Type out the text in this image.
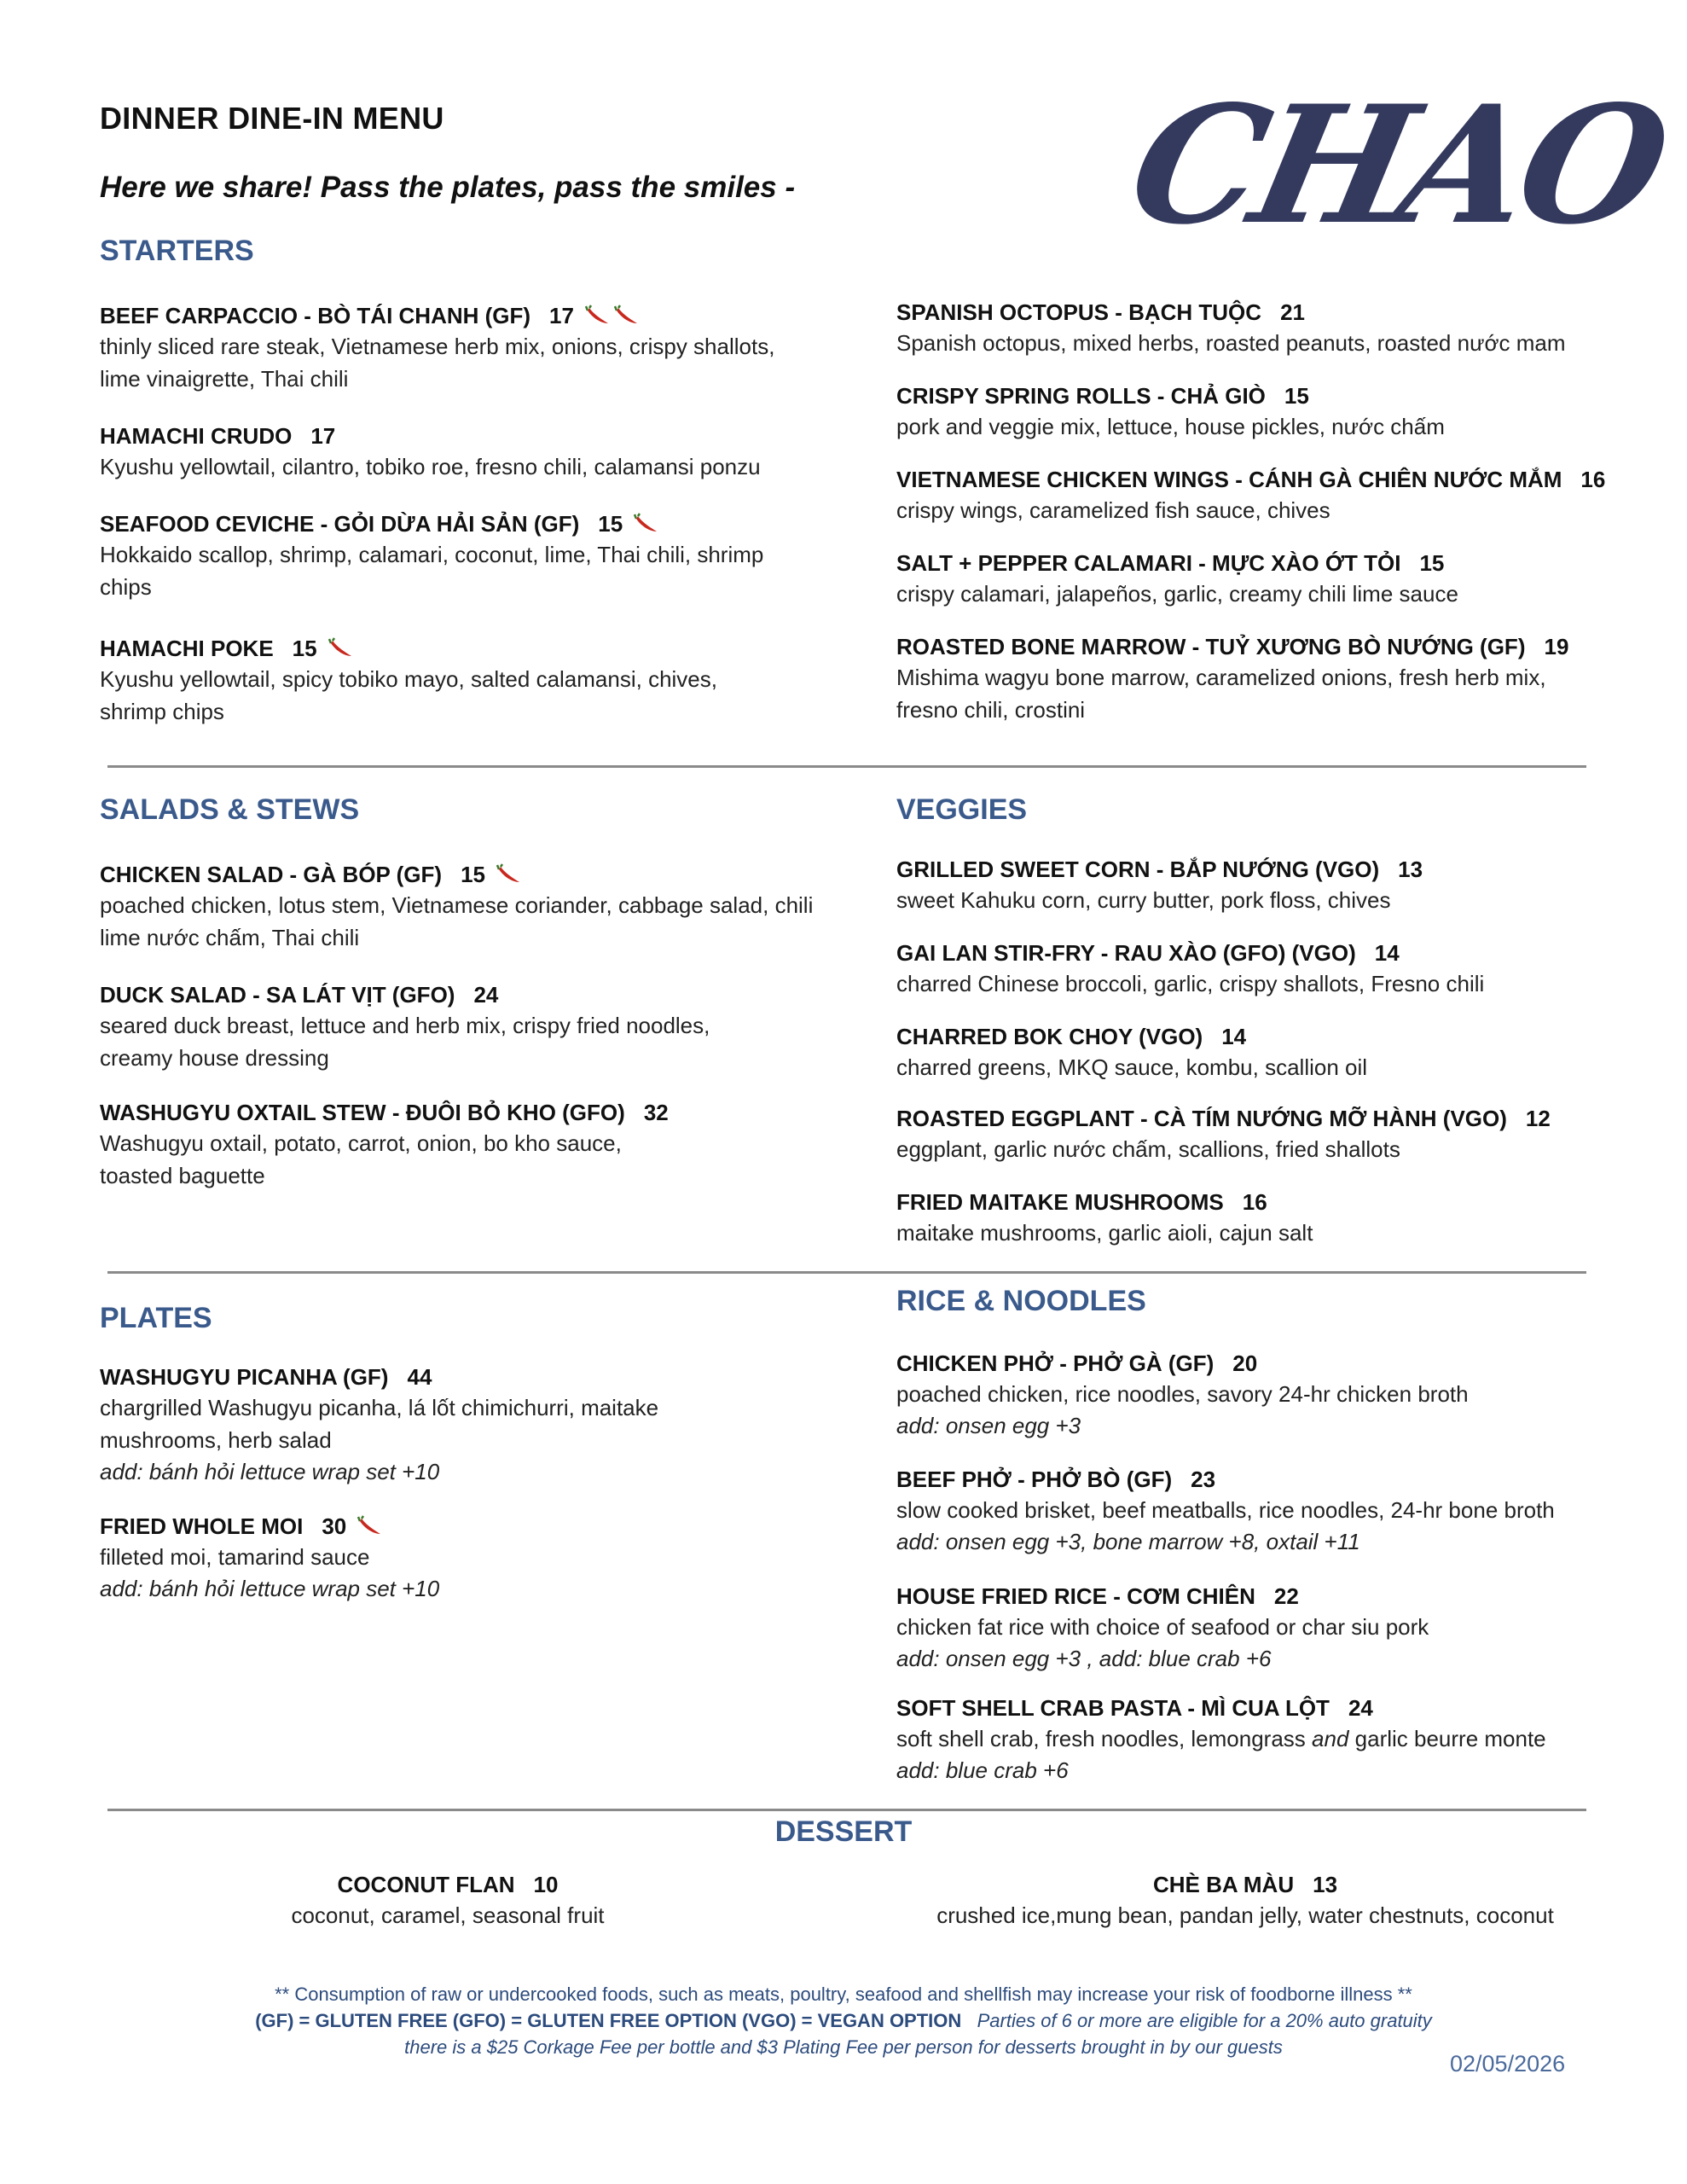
DINNER DINE-IN MENU
Here we share! Pass the plates, pass the smiles - CHAO
STARTERS
BEEF CARPACCIO - BÒ TÁI CHANH (GF) 17
thinly sliced rare steak, Vietnamese herb mix, onions, crispy shallots, lime vinaigrette, Thai chili
HAMACHI CRUDO 17
Kyushu yellowtail, cilantro, tobiko roe, fresno chili, calamansi ponzu
SEAFOOD CEVICHE - GỎI DỪA HẢI SẢN (GF) 15
Hokkaido scallop, shrimp, calamari, coconut, lime, Thai chili, shrimp chips
HAMACHI POKE 15
Kyushu yellowtail, spicy tobiko mayo, salted calamansi, chives, shrimp chips
SPANISH OCTOPUS - BẠCH TUỘC 21
Spanish octopus, mixed herbs, roasted peanuts, roasted nước mam
CRISPY SPRING ROLLS - CHẢ GIÒ 15
pork and veggie mix, lettuce, house pickles, nước chấm
VIETNAMESE CHICKEN WINGS - CÁNH GÀ CHIÊN NƯỚC MẮM 16
crispy wings, caramelized fish sauce, chives
SALT + PEPPER CALAMARI - MỰC XÀO ỚT TỎI 15
crispy calamari, jalapeños, garlic, creamy chili lime sauce
ROASTED BONE MARROW - TUỶ XƯƠNG BÒ NƯỚNG (GF) 19
Mishima wagyu bone marrow, caramelized onions, fresh herb mix, fresno chili, crostini
SALADS & STEWS
CHICKEN SALAD - GÀ BÓP (GF) 15
poached chicken, lotus stem, Vietnamese coriander, cabbage salad, chili lime nước chấm, Thai chili
DUCK SALAD - SA LÁT VỊT (GFO) 24
seared duck breast, lettuce and herb mix, crispy fried noodles, creamy house dressing
WASHUGYU OXTAIL STEW - ĐUÔI BỎ KHO (GFO) 32
Washugyu oxtail, potato, carrot, onion, bo kho sauce, toasted baguette
VEGGIES
GRILLED SWEET CORN - BẮP NƯỚNG (VGO) 13
sweet Kahuku corn, curry butter, pork floss, chives
GAI LAN STIR-FRY - RAU XÀO (GFO) (VGO) 14
charred Chinese broccoli, garlic, crispy shallots, Fresno chili
CHARRED BOK CHOY (VGO) 14
charred greens, MKQ sauce, kombu, scallion oil
ROASTED EGGPLANT - CÀ TÍM NƯỚNG MỠ HÀNH (VGO) 12
eggplant, garlic nước chấm, scallions, fried shallots
FRIED MAITAKE MUSHROOMS 16
maitake mushrooms, garlic aioli, cajun salt
PLATES
WASHUGYU PICANHA (GF) 44
chargrilled Washugyu picanha, lá lốt chimichurri, maitake mushrooms, herb salad
add: bánh hỏi lettuce wrap set +10
FRIED WHOLE MOI 30
filleted moi, tamarind sauce
add: bánh hỏi lettuce wrap set +10
RICE & NOODLES
CHICKEN PHỞ - PHỞ GÀ (GF) 20
poached chicken, rice noodles, savory 24-hr chicken broth
add: onsen egg +3
BEEF PHỞ - PHỞ BÒ (GF) 23
slow cooked brisket, beef meatballs, rice noodles, 24-hr bone broth
add: onsen egg +3, bone marrow +8, oxtail +11
HOUSE FRIED RICE - CƠM CHIÊN 22
chicken fat rice with choice of seafood or char siu pork
add: onsen egg +3 , add: blue crab +6
SOFT SHELL CRAB PASTA - MÌ CUA LỘT 24
soft shell crab, fresh noodles, lemongrass and garlic beurre monte
add: blue crab +6
DESSERT
COCONUT FLAN 10
coconut, caramel, seasonal fruit
CHÈ BA MÀU 13
crushed ice,mung bean, pandan jelly, water chestnuts, coconut
** Consumption of raw or undercooked foods, such as meats, poultry, seafood and shellfish may increase your risk of foodborne illness **
(GF) = GLUTEN FREE (GFO) = GLUTEN FREE OPTION (VGO) = VEGAN OPTION Parties of 6 or more are eligible for a 20% auto gratuity
there is a $25 Corkage Fee per bottle and $3 Plating Fee per person for desserts brought in by our guests
02/05/2026
